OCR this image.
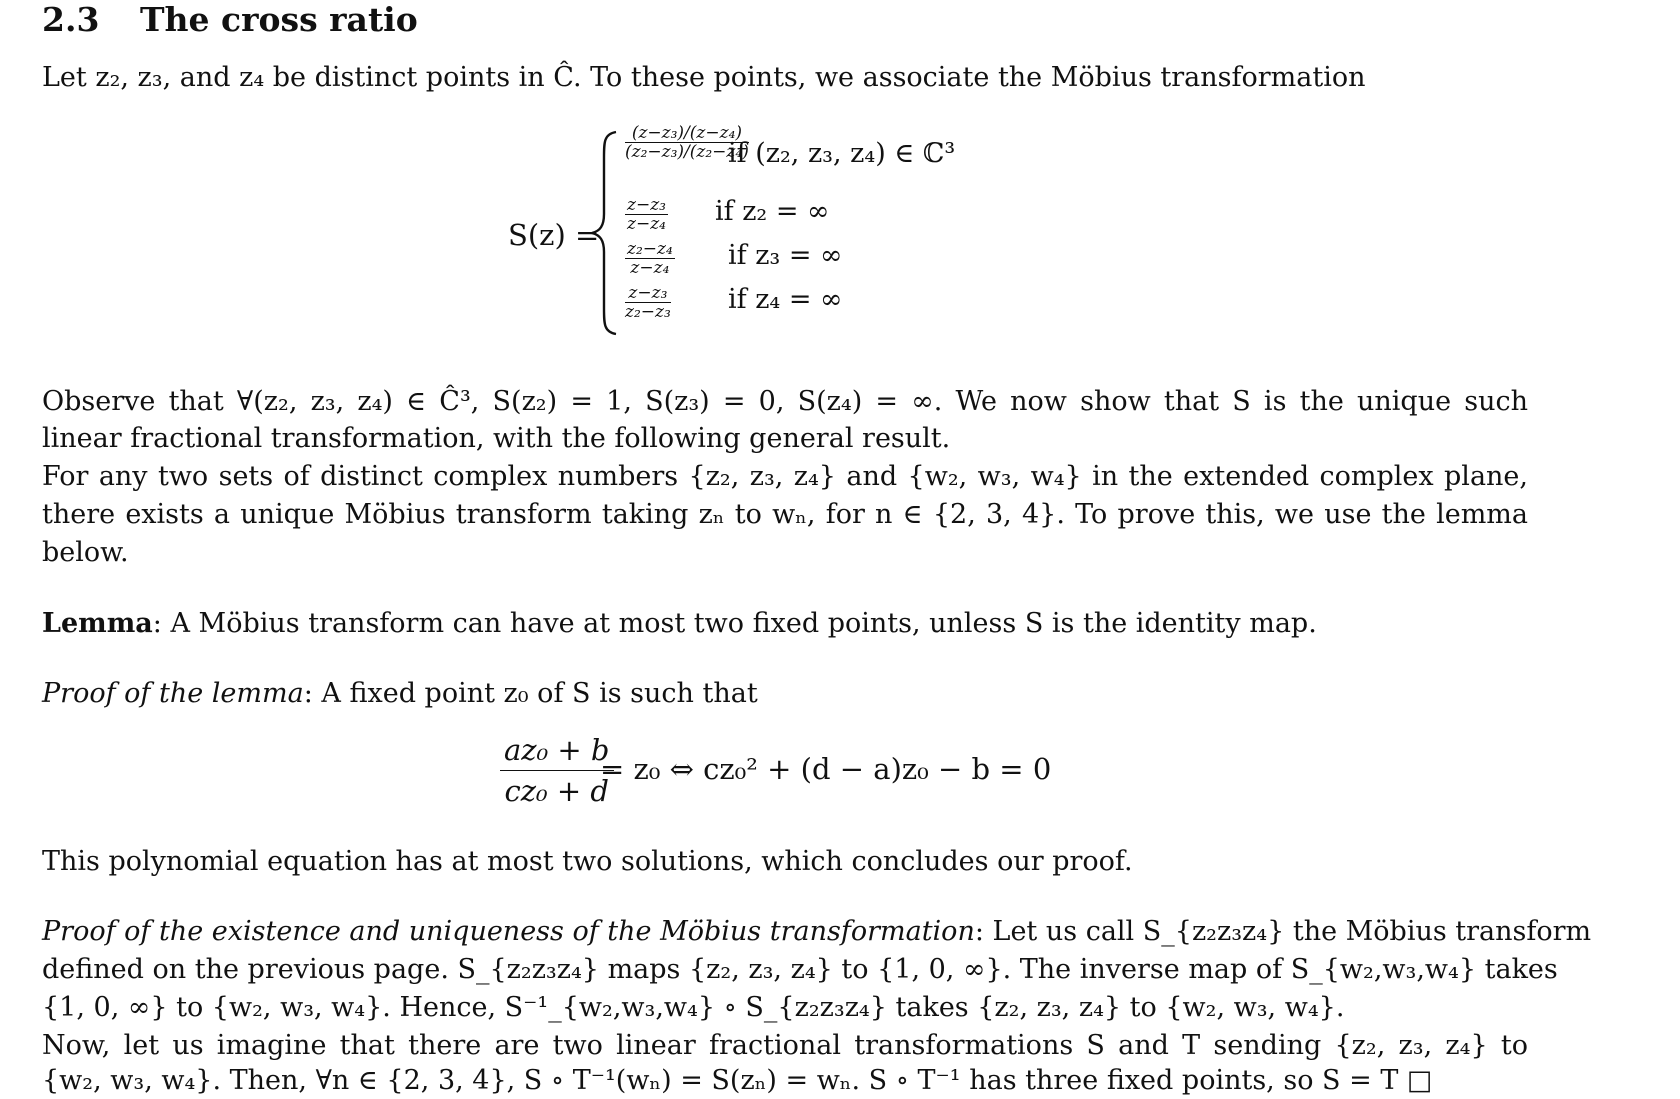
2.3 The cross ratio
Let z₂, z₃, and z₄ be distinct points in Ĉ. To these points, we associate the Möbius transformation
S(z) =
$\frac{\text{(z−z₃)/(z−z₄)}}{\text{(z₂−z₃)/(z₂−z₄)}}$
if (z₂, z₃, z₄) ∈ ℂ³
$\frac{\text{z−z₃}}{\text{z−z₄}}$ if z₂ = ∞
$\frac{\text{z₂−z₄}}{\text{z−z₄}}$ if z₃ = ∞
$\frac{\text{z−z₃}}{\text{z₂−z₃}}$ if z₄ = ∞
Observe that ∀(z₂, z₃, z₄) ∈ Ĉ³, S(z₂) = 1, S(z₃) = 0, S(z₄) = ∞. We now show that S is the unique such
linear fractional transformation, with the following general result.
For any two sets of distinct complex numbers {z₂, z₃, z₄} and {w₂, w₃, w₄} in the extended complex plane,
there exists a unique Möbius transform taking zₙ to wₙ, for n ∈ {2, 3, 4}. To prove this, we use the lemma
below.
Lemma: A Möbius transform can have at most two fixed points, unless S is the identity map.
Proof of the lemma: A fixed point z₀ of S is such that
$\frac{\text{az₀ + b}}{\text{cz₀ + d}}$
= z₀ ⇔ cz₀² + (d − a)z₀ − b = 0
This polynomial equation has at most two solutions, which concludes our proof.
Proof of the existence and uniqueness of the Möbius transformation: Let us call S_{z₂z₃z₄} the Möbius transform
defined on the previous page. S_{z₂z₃z₄} maps {z₂, z₃, z₄} to {1, 0, ∞}. The inverse map of S_{w₂,w₃,w₄} takes
{1, 0, ∞} to {w₂, w₃, w₄}. Hence, S⁻¹_{w₂,w₃,w₄} ∘ S_{z₂z₃z₄} takes {z₂, z₃, z₄} to {w₂, w₃, w₄}.
Now, let us imagine that there are two linear fractional transformations S and T sending {z₂, z₃, z₄} to
{w₂, w₃, w₄}. Then, ∀n ∈ {2, 3, 4}, S ∘ T⁻¹(wₙ) = S(zₙ) = wₙ. S ∘ T⁻¹ has three fixed points, so S = T □
